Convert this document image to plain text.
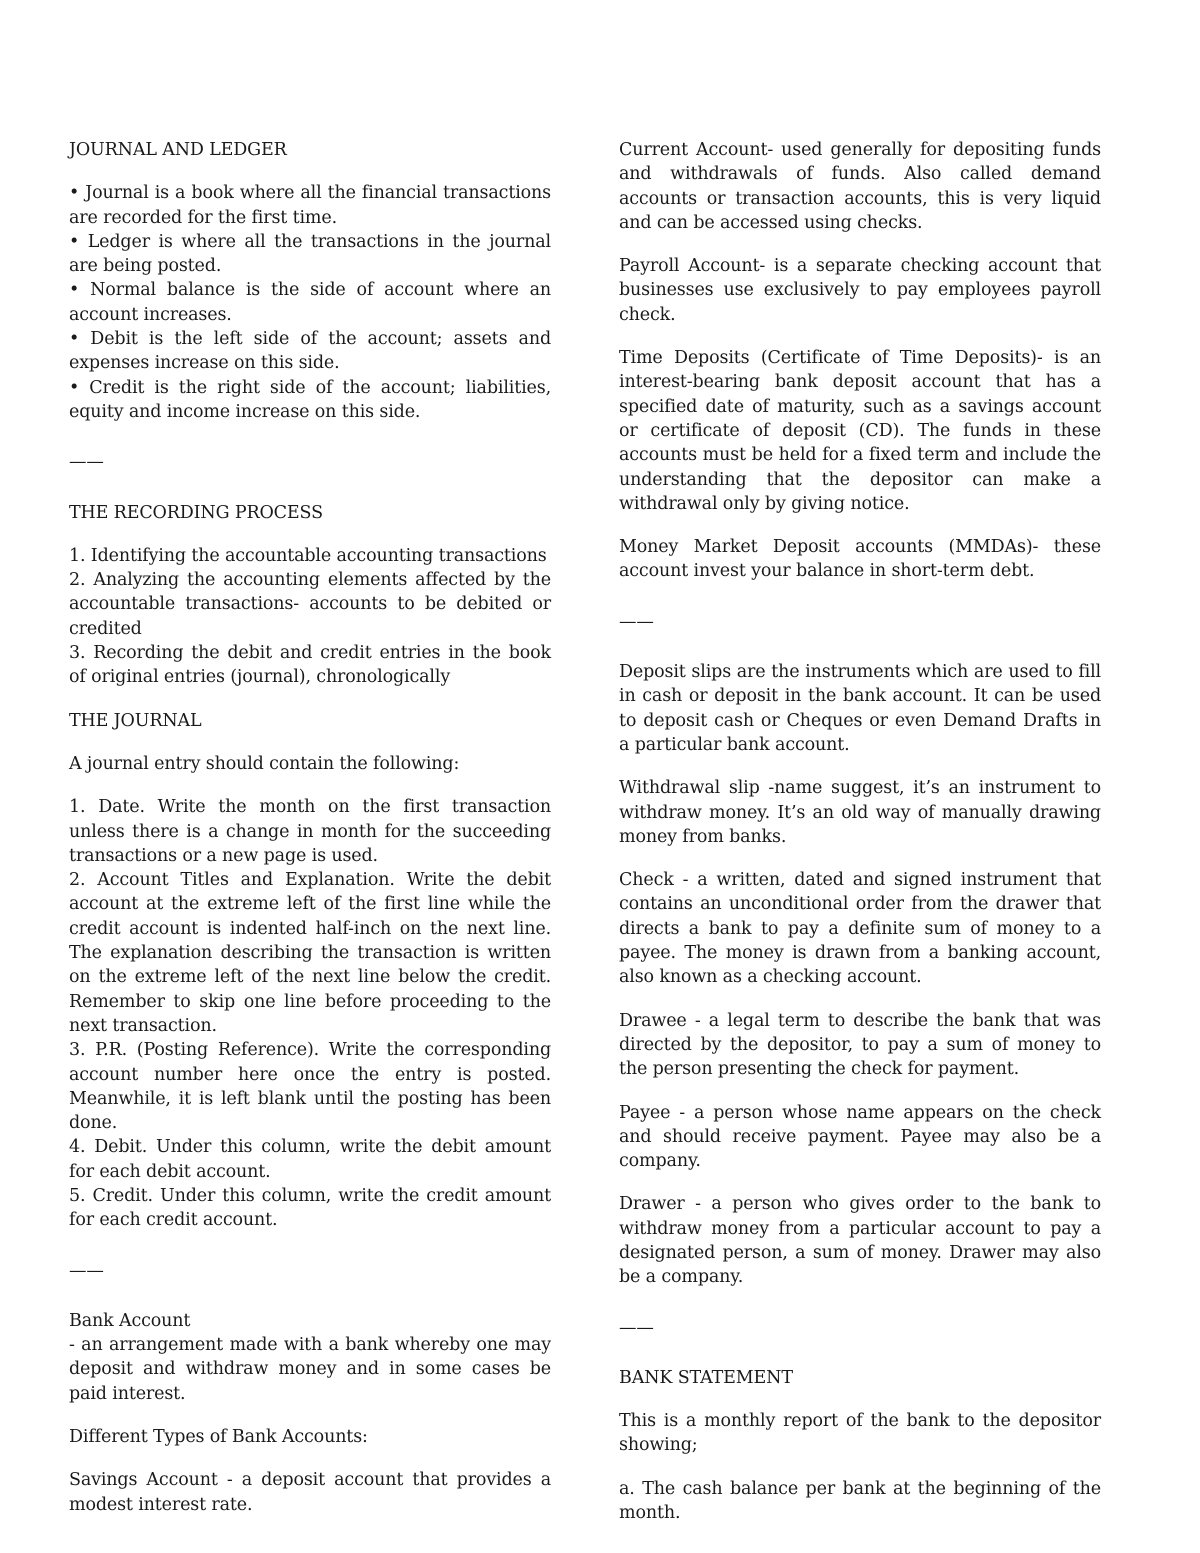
JOURNAL AND LEDGER

• Journal is a book where all the financial transactions are recorded for the first time.

• Ledger is where all the transactions in the journal are being posted.

• Normal balance is the side of account where an account increases.

• Debit is the left side of the account; assets and expenses increase on this side.

• Credit is the right side of the account; liabilities, equity and income increase on this side.

——

THE RECORDING PROCESS

1. Identifying the accountable accounting transactions

2. Analyzing the accounting elements affected by the accountable transactions- accounts to be debited or credited

3. Recording the debit and credit entries in the book of original entries (journal), chronologically

THE JOURNAL

A journal entry should contain the following:

1. Date. Write the month on the first transaction unless there is a change in month for the succeeding transactions or a new page is used.

2. Account Titles and Explanation. Write the debit account at the extreme left of the first line while the credit account is indented half-inch on the next line. The explanation describing the transaction is written on the extreme left of the next line below the credit. Remember to skip one line before proceeding to the next transaction.

3. P.R. (Posting Reference). Write the corresponding account number here once the entry is posted. Meanwhile, it is left blank until the posting has been done.

4. Debit. Under this column, write the debit amount for each debit account.

5. Credit. Under this column, write the credit amount for each credit account.

——

Bank Account

- an arrangement made with a bank whereby one may deposit and withdraw money and in some cases be paid interest.

Different Types of Bank Accounts:

Savings Account - a deposit account that provides a modest interest rate.

Current Account- used generally for depositing funds and withdrawals of funds. Also called demand accounts or transaction accounts, this is very liquid and can be accessed using checks.

Payroll Account- is a separate checking account that businesses use exclusively to pay employees payroll check.

Time Deposits (Certificate of Time Deposits)- is an interest-bearing bank deposit account that has a specified date of maturity, such as a savings account or certificate of deposit (CD). The funds in these accounts must be held for a fixed term and include the understanding that the depositor can make a withdrawal only by giving notice.

Money Market Deposit accounts (MMDAs)- these account invest your balance in short-term debt.

——

Deposit slips are the instruments which are used to fill in cash or deposit in the bank account. It can be used to deposit cash or Cheques or even Demand Drafts in a particular bank account.

Withdrawal slip -name suggest, it’s an instrument to withdraw money. It’s an old way of manually drawing money from banks.

Check - a written, dated and signed instrument that contains an unconditional order from the drawer that directs a bank to pay a definite sum of money to a payee. The money is drawn from a banking account, also known as a checking account.

Drawee - a legal term to describe the bank that was directed by the depositor, to pay a sum of money to the person presenting the check for payment.

Payee - a person whose name appears on the check and should receive payment. Payee may also be a company.

Drawer - a person who gives order to the bank to withdraw money from a particular account to pay a designated person, a sum of money. Drawer may also be a company.

——

BANK STATEMENT

This is a monthly report of the bank to the depositor showing;

a. The cash balance per bank at the beginning of the month.
